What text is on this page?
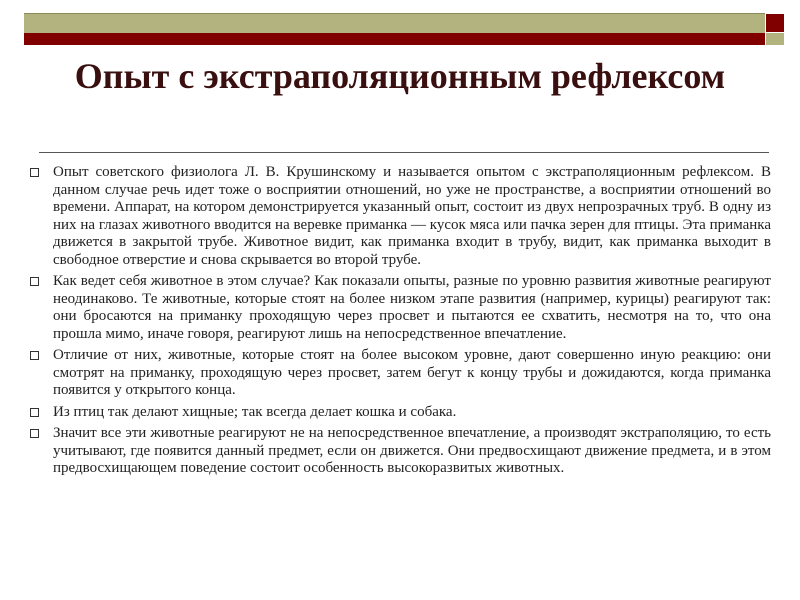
Опыт с экстраполяционным рефлексом
Опыт советского физиолога Л. В. Крушинскому и называется опытом с экстраполяционным рефлексом. В данном случае речь идет тоже о восприятии отношений, но уже не пространстве, а восприятии отношений во времени. Аппарат, на котором демонстрируется указанный опыт, состоит из двух непрозрачных труб. В одну из них на глазах животного вводится на веревке приманка — кусок мяса или пачка зерен для птицы. Эта приманка движется в закрытой трубе. Животное видит, как приманка входит в трубу, видит, как приманка выходит в свободное отверстие и снова скрывается во второй трубе.
Как ведет себя животное в этом случае? Как показали опыты, разные по уровню развития животные реагируют неодинаково. Те животные, которые стоят на более низком этапе развития (например, курицы) реагируют так: они бросаются на приманку проходящую через просвет и пытаются ее схватить, несмотря на то, что она прошла мимо, иначе говоря, реагируют лишь на непосредственное впечатление.
Отличие от них, животные, которые стоят на более высоком уровне, дают совершенно иную реакцию: они смотрят на приманку, проходящую через просвет, затем бегут к концу трубы и дожидаются, когда приманка появится у открытого конца.
Из птиц так делают хищные; так всегда делает кошка и собака.
Значит все эти животные реагируют не на непосредственное впечатление, а производят экстраполяцию, то есть учитывают, где появится данный предмет, если он движется. Они предвосхищают движение предмета, и в этом предвосхищающем поведение состоит особенность высокоразвитых животных.
